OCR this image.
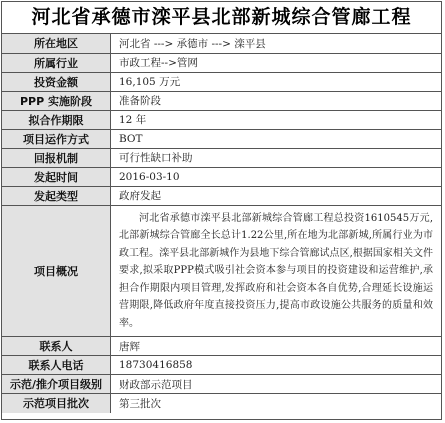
河北省承德市滦平县北部新城综合管廊工程
所在地区	河北省 ---> 承德市 ---> 滦平县
所属行业	市政工程-->管网
投资金额	16,105 万元
PPP 实施阶段	准备阶段
拟合作期限	12 年
项目运作方式	BOT
回报机制	可行性缺口补助
发起时间	2016-03-10
发起类型	政府发起
项目概况	河北省承德市滦平县北部新城综合管廊工程总投资1610545万元,北部新城综合管廊全长总计1.22公里,所在地为北部新城,所属行业为市政工程。滦平县北部新城作为县地下综合管廊试点区,根据国家相关文件要求,拟采取PPP模式吸引社会资本参与项目的投资建设和运营维护,承担合作期限内项目管理,发挥政府和社会资本各自优势,合理延长设施运营期限,降低政府年度直接投资压力,提高市政设施公共服务的质量和效率。
联系人	唐辉
联系人电话	18730416858
示范/推介项目级别	财政部示范项目
示范项目批次	第三批次
